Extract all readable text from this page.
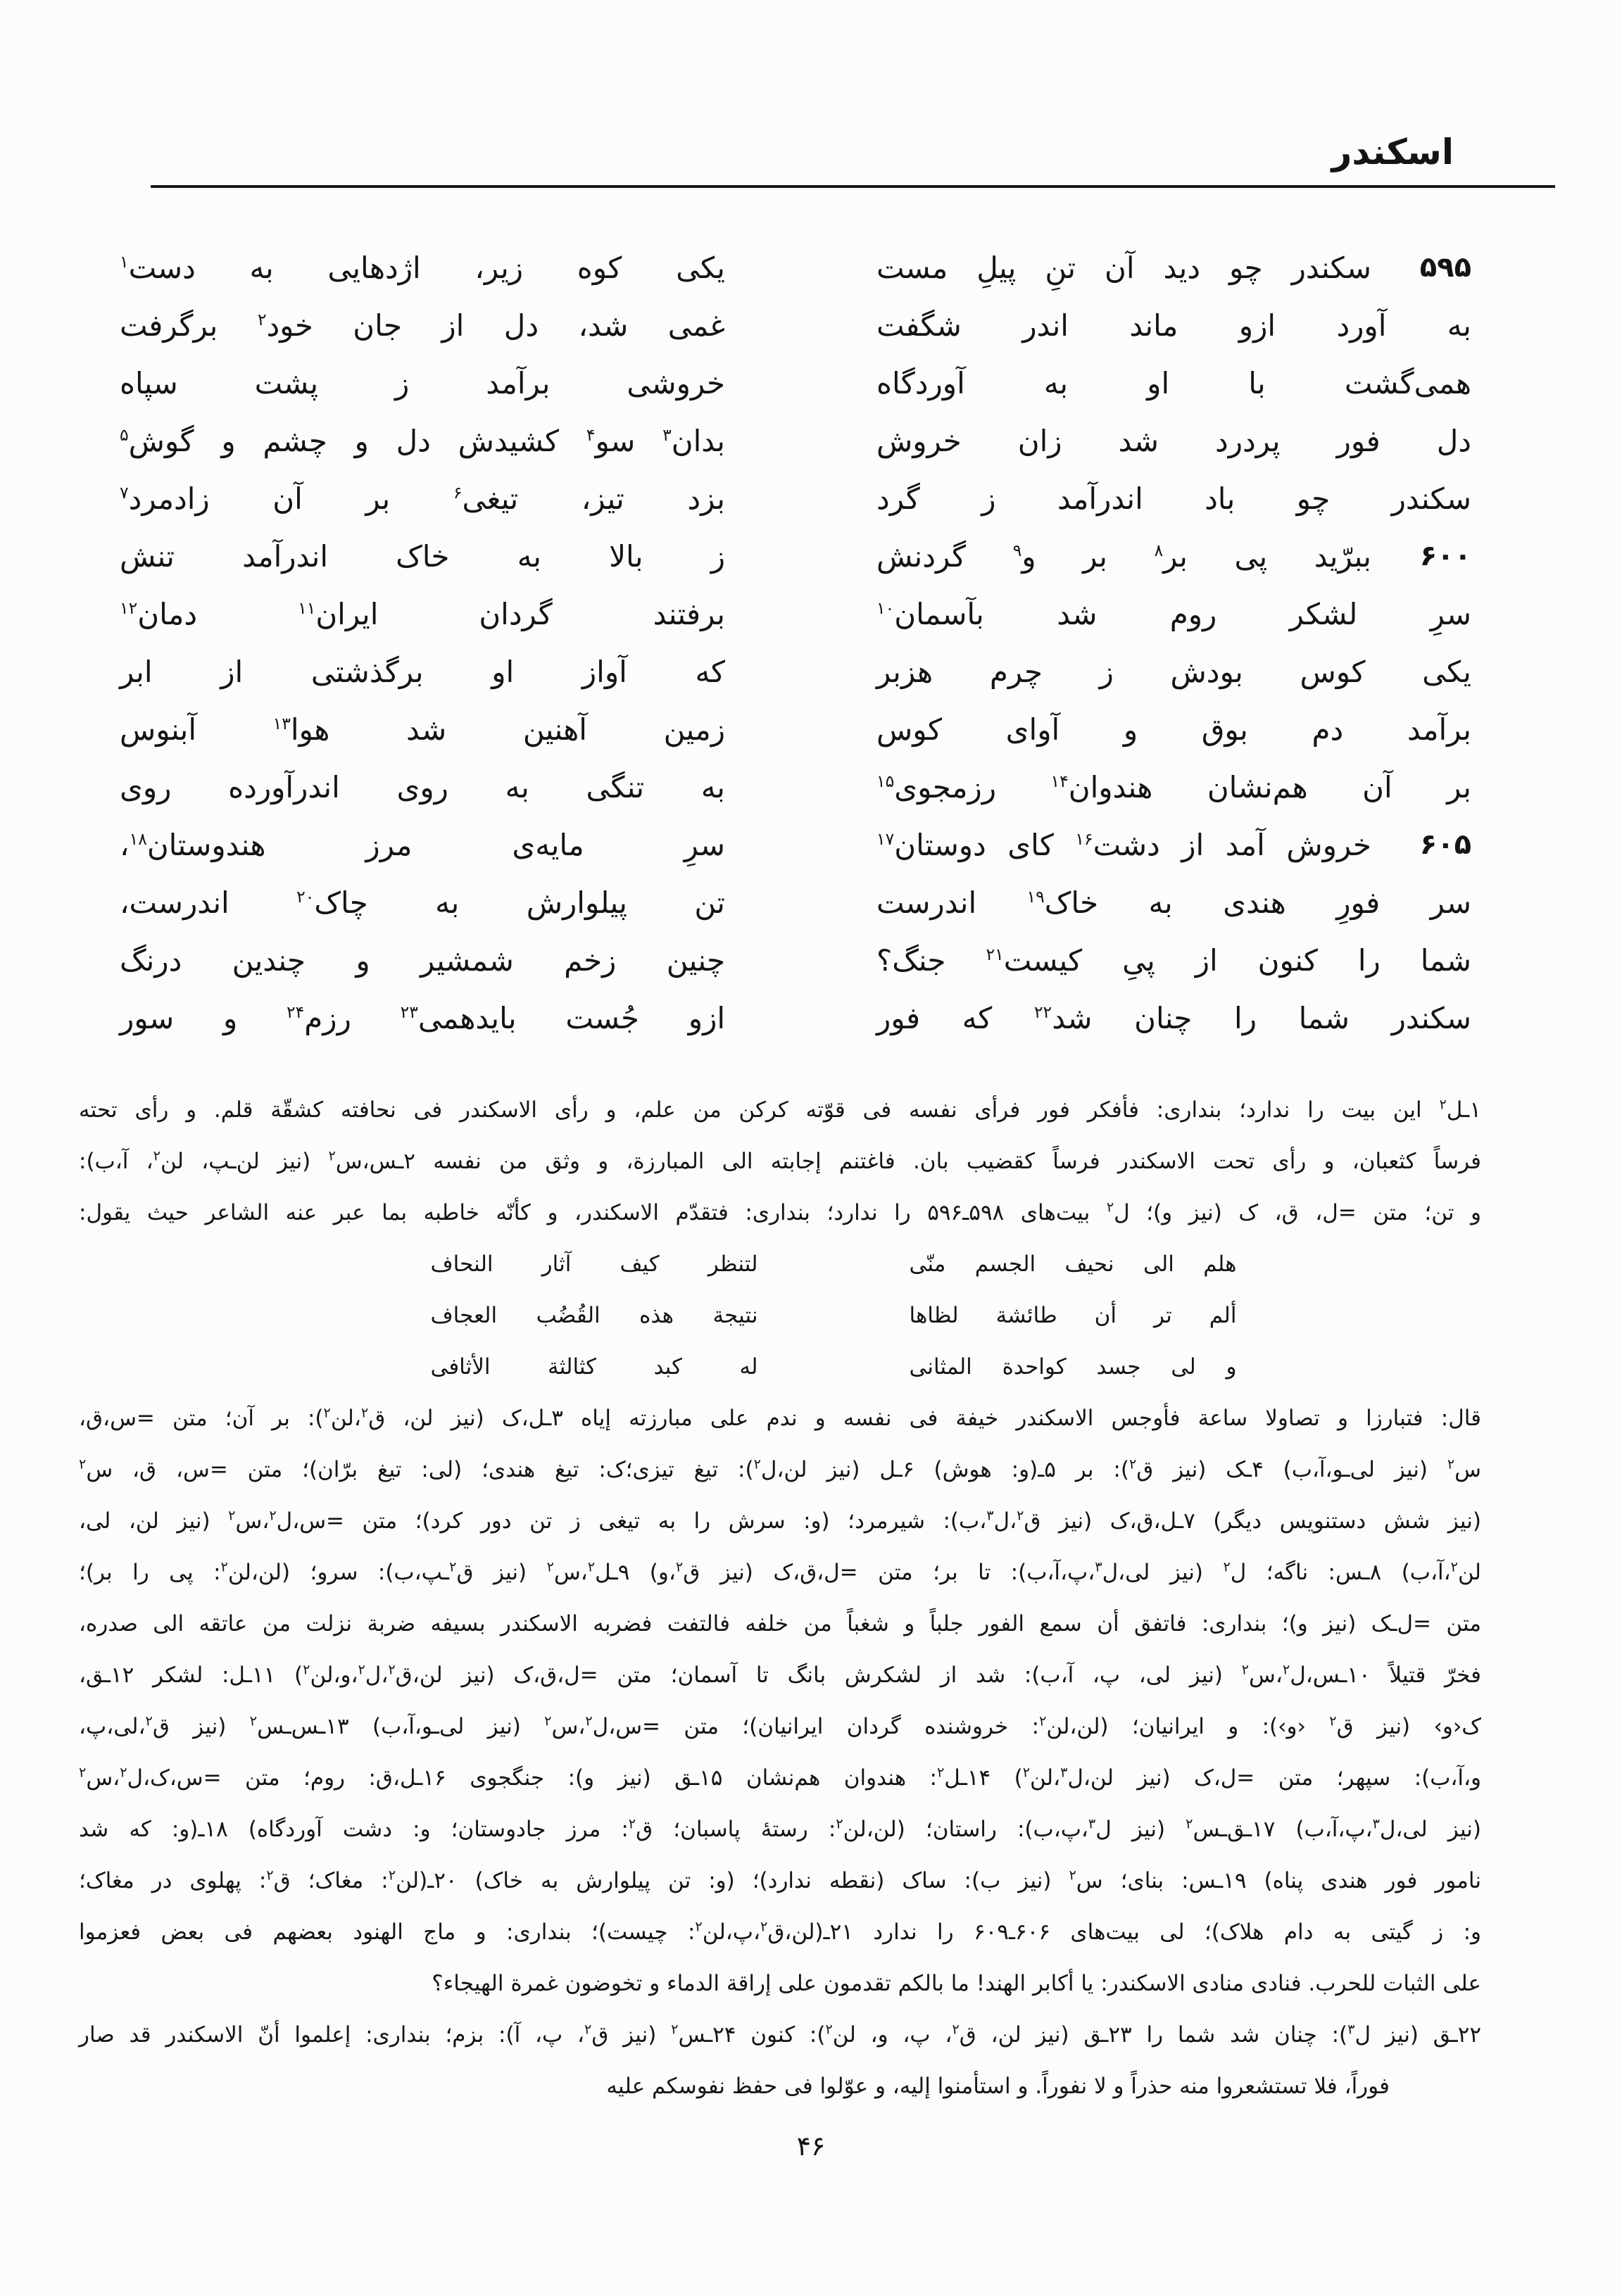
اسکندر
۵۹۵
سکندر چو دید آن تنِ پیلِ مست
یکی کوه زیر، اژدهایی به دست$^۱$
به آورد ازو ماند اندر شگفت
غمی شد، دل از جان خود$^۲$ برگرفت
همی‌گشت با او به آوردگاه
خروشی برآمد ز پشت سپاه
دل فور پردرد شد زان خروش
بدان$^۳$ سو$^۴$ کشیدش دل و چشم و گوش$^۵$
سکندر چو باد اندرآمد ز گرد
بزد تیز، تیغی$^۶$ بر آن زادمرد$^۷$
۶۰۰
ببرّید پی بر$^۸$ بر و$^۹$ گردنش
ز بالا به خاک اندرآمد تنش
سرِ لشکر روم شد بآسمان$^{۱۰}$
برفتند گردان ایران$^{۱۱}$ دمان$^{۱۲}$
یکی کوس بودش ز چرم هزبر
که آواز او برگذشتی از ابر
برآمد دم بوق و آوای کوس
زمین آهنین شد هوا$^{۱۳}$ آبنوس
بر آن هم‌نشان هندوان$^{۱۴}$ رزمجوی$^{۱۵}$
به تنگی به روی اندرآورده روی
۶۰۵
خروش آمد از دشت$^{۱۶}$ کای دوستان$^{۱۷}$
سرِ مایه‌ی مرز هندوستان$^{۱۸}$،
سر فورِ هندی به خاک$^{۱۹}$ اندرست
تن پیلوارش به چاک$^{۲۰}$ اندرست،
شما را کنون از پیِ کیست$^{۲۱}$ جنگ؟
چنین زخم شمشیر و چندین درنگ
سکندر شما را چنان شد$^{۲۲}$ که فور
ازو جُست بایدهمی$^{۲۳}$ رزم$^{۲۴}$ و سور
۱ـل$^۲$ این بیت را ندارد؛ بنداری: فأفکر فور فرأی نفسه فی قوّته کرکن من علم، و رأی الاسکندر فی نحافته کشقّة قلم. و رأی تحته
فرساً کثعبان، و رأی تحت الاسکندر فرساً کقضیب بان. فاغتنم إجابته الی المبارزة، و وثق من نفسه ۲ـس،س$^۲$ (نیز لن‌ـپ، لن$^۲$، آ،ب):
و تن؛ متن =ل، ق، ک (نیز و)؛ ل$^۲$ بیت‌های ۵۹۸ـ۵۹۶ را ندارد؛ بنداری: فتقدّم الاسکندر، و کأنّه خاطبه بما عبر عنه الشاعر حیث یقول:
هلم الی نحیف الجسم منّی
لتنظر کیف آثار النحاف
ألم تر أن طائشة لظاها
نتیجة هذه القُضُب العجاف
و لی جسد کواحدة المثانی
له کبد کثالثة الأثافی
قال: فتبارزا و تصاولا ساعة فأوجس الاسکندر خیفة فی نفسه و ندم علی مبارزته إیاه ۳ـل،ک (نیز لن، ق$^۲$،لن$^۲$): بر آن؛ متن =س،ق،
س$^۲$ (نیز لی‌ـو،آ،ب) ۴ـک (نیز ق$^۲$): بر ۵ـ(و: هوش) ۶ـل (نیز لن،ل$^۲$): تیغ تیزی؛ک: تیغ هندی؛ (لی: تیغ برّان)؛ متن =س، ق، س$^۲$
(نیز شش دستنویس دیگر) ۷ـل،ق،ک (نیز ق$^۲$،ل$^۳$،ب): شیرمرد؛ (و: سرش را به تیغی ز تن دور کرد)؛ متن =س،ل$^۲$،س$^۲$ (نیز لن، لی،
لن$^۲$،آ،ب) ۸ـس: ناگه؛ ل$^۲$ (نیز لی،ل$^۳$،پ،آ،ب): تا بر؛ متن =ل،ق،ک (نیز ق$^۲$،و) ۹ـل$^۲$،س$^۲$ (نیز ق$^۲$ـپ،ب): سرو؛ (لن،لن$^۲$: پی را بر)؛
متن =ل‌ـک (نیز و)؛ بنداری: فاتفق أن سمع الفور جلباً و شغباً من خلفه فالتفت فضربه الاسکندر بسیفه ضربة نزلت من عاتقه الی صدره،
فخرّ قتیلاً ۱۰ـس،ل$^۲$،س$^۲$ (نیز لی، پ، آ،ب): شد از لشکرش بانگ تا آسمان؛ متن =ل،ق،ک (نیز لن،ق$^۲$،ل$^۲$،و،لن$^۲$) ۱۱ـل: لشکر ۱۲ـق،
ک‹و› (نیز ق$^۲$ ‹و›): و ایرانیان؛ (لن،لن$^۲$: خروشنده گردان ایرانیان)؛ متن =س،ل$^۲$،س$^۲$ (نیز لی‌ـو،آ،ب) ۱۳ـس‌ـس$^۲$ (نیز ق$^۲$،لی،پ،
و،آ،ب): سپهر؛ متن =ل،ک (نیز لن،ل$^۳$،لن$^۲$) ۱۴ـل$^۲$: هندوان هم‌نشان ۱۵ـق (نیز و): جنگجوی ۱۶ـل،ق: روم؛ متن =س،ک،ل$^۲$،س$^۲$
(نیز لی،ل$^۳$،پ،آ،ب) ۱۷ـق‌ـس$^۲$ (نیز ل$^۳$،پ،ب): راستان؛ (لن،لن$^۲$: رستهٔ پاسبان؛ ق$^۲$: مرز جادوستان؛ و: دشت آوردگاه) ۱۸ـ(و: که شد
نامور فور هندی پناه) ۱۹ـس: بنای؛ س$^۲$ (نیز ب): ساک (نقطه ندارد)؛ (و: تن پیلوارش به خاک) ۲۰ـ(لن$^۲$: مغاک؛ ق$^۲$: پهلوی در مغاک؛
و: ز گیتی به دام هلاک)؛ لی بیت‌های ۶۰۶ـ۶۰۹ را ندارد ۲۱ـ(لن،ق$^۲$،پ،لن$^۲$: چیست)؛ بنداری: و ماج الهنود بعضهم فی بعض فعزموا
علی الثبات للحرب. فنادی منادی الاسکندر: یا أکابر الهند! ما بالکم تقدمون علی إراقة الدماء و تخوضون غمرة الهیجاء؟
۲۲ـق (نیز ل$^۳$): چنان شد شما را ۲۳ـق (نیز لن، ق$^۲$، پ، و، لن$^۲$): کنون ۲۴ـس$^۲$ (نیز ق$^۲$، پ، آ): بزم؛ بنداری: إعلموا أنّ الاسکندر قد صار
فوراً، فلا تستشعروا منه حذراً و لا نفوراً. و استأمنوا إلیه، و عوّلوا فی حفظ نفوسکم علیه
۴۶
